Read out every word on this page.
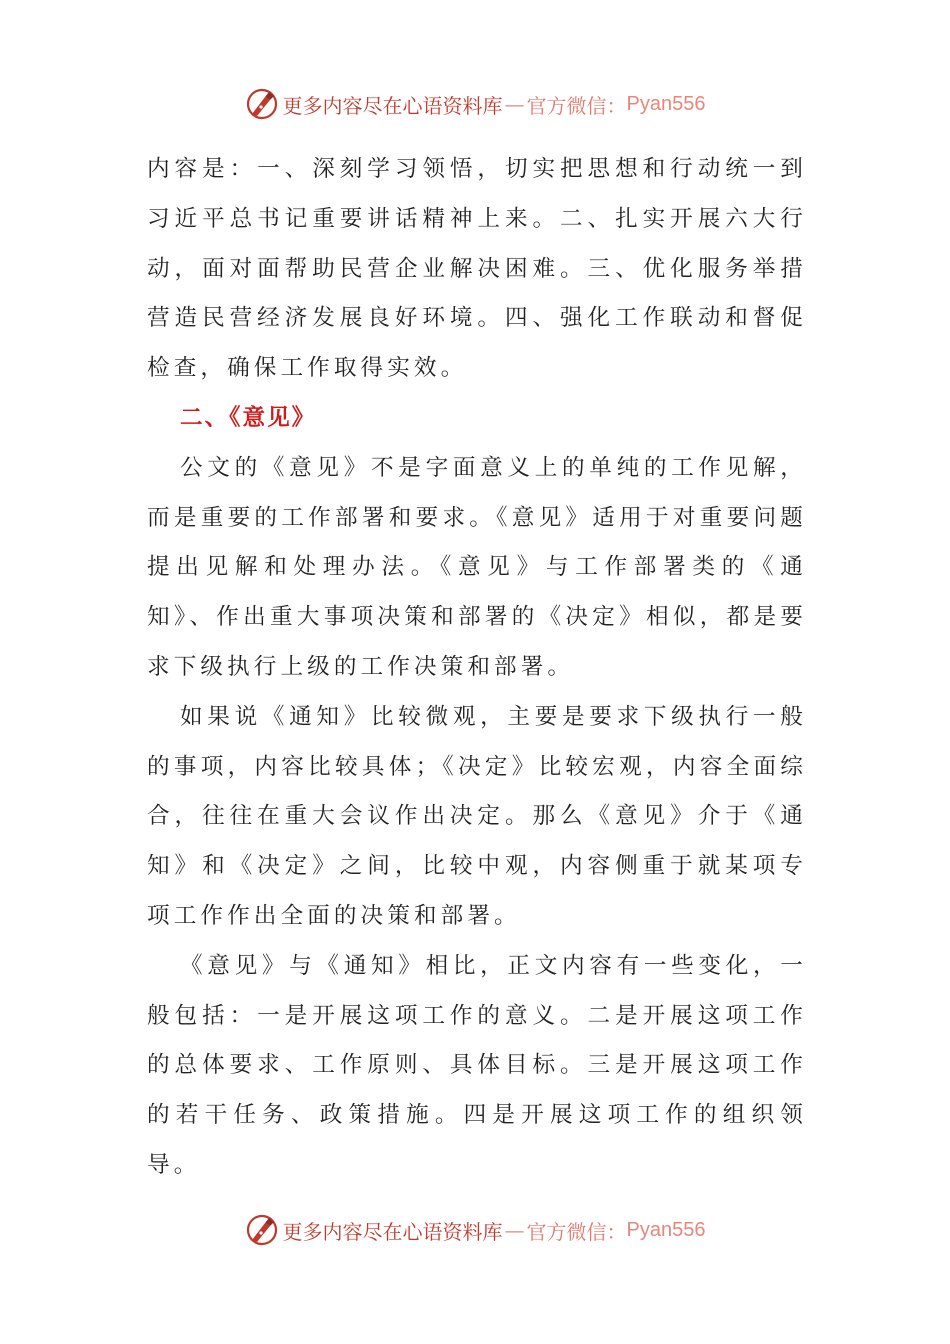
更多内容尽在心语资料库 — 官方微信： Pyan556

内容是：一、深刻学习领悟，切实把思想和行动统一到习近平总书记重要讲话精神上来。二、扎实开展六大行动，面对面帮助民营企业解决困难。三、优化服务举措营造民营经济发展良好环境。四、强化工作联动和督促检查，确保工作取得实效。

二、《意见》

公文的《意见》不是字面意义上的单纯的工作见解，而是重要的工作部署和要求。《意见》适用于对重要问题提出见解和处理办法。《意见》与工作部署类的《通知》、作出重大事项决策和部署的《决定》相似，都是要求下级执行上级的工作决策和部署。

如果说《通知》比较微观，主要是要求下级执行一般的事项，内容比较具体；《决定》比较宏观，内容全面综合，往往在重大会议作出决定。那么《意见》介于《通知》和《决定》之间，比较中观，内容侧重于就某项专项工作作出全面的决策和部署。

《意见》与《通知》相比，正文内容有一些变化，一般包括：一是开展这项工作的意义。二是开展这项工作的总体要求、工作原则、具体目标。三是开展这项工作的若干任务、政策措施。四是开展这项工作的组织领导。

更多内容尽在心语资料库 — 官方微信： Pyan556
